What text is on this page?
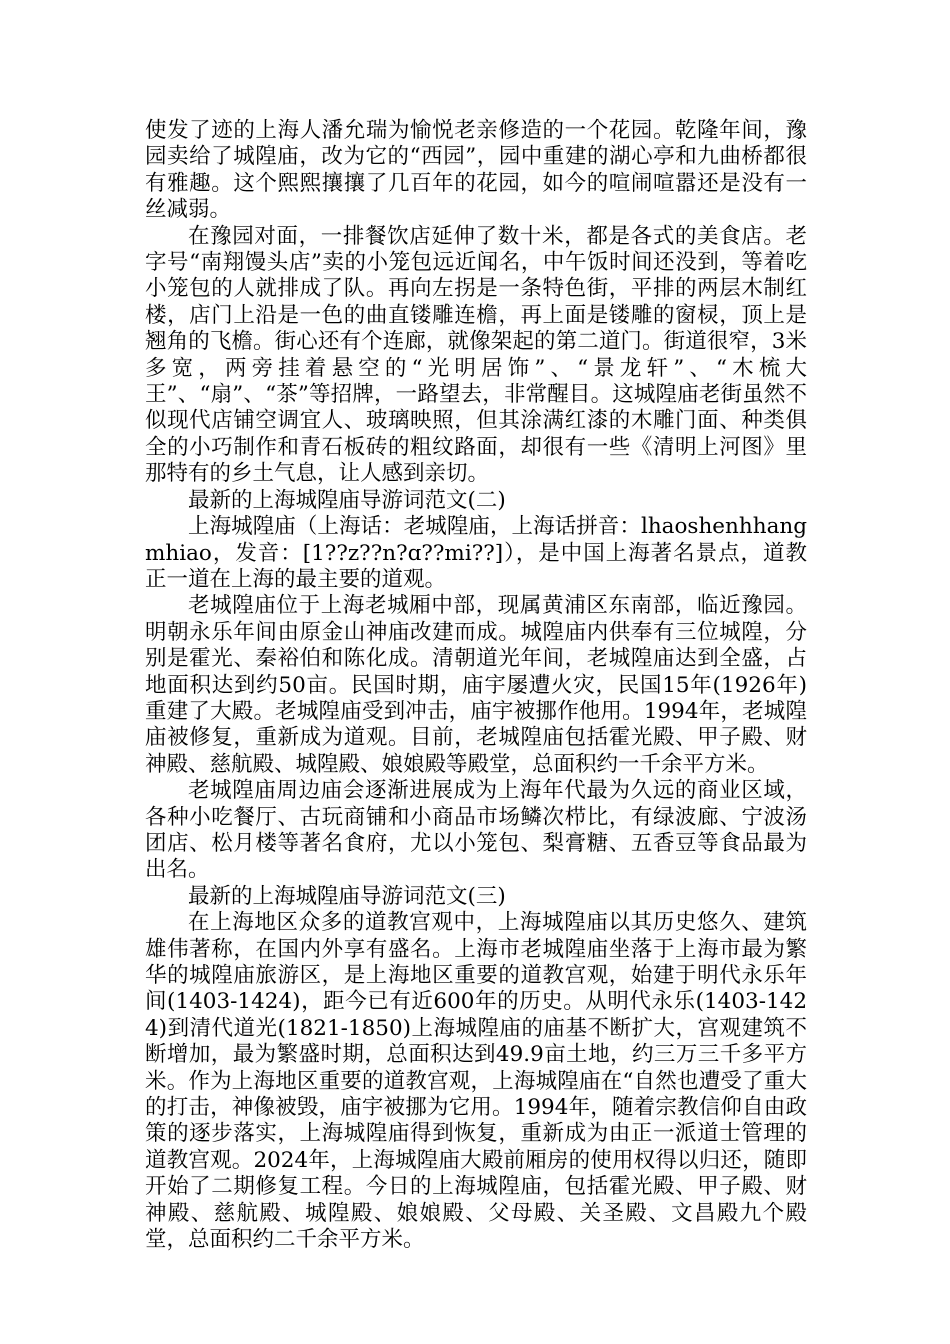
使发了迹的上海人潘允瑞为愉悦老亲修造的一个花园。乾隆年间，豫园卖给了城隍庙，改为它的“西园”，园中重建的湖心亭和九曲桥都很有雅趣。这个熙熙攘攘了几百年的花园，如今的喧闹喧嚣还是没有一丝减弱。

在豫园对面，一排餐饮店延伸了数十米，都是各式的美食店。老字号“南翔馒头店”卖的小笼包远近闻名，中午饭时间还没到，等着吃小笼包的人就排成了队。再向左拐是一条特色街，平排的两层木制红楼，店门上沿是一色的曲直镂雕连檐，再上面是镂雕的窗棂，顶上是翘角的飞檐。街心还有个连廊，就像架起的第二道门。街道很窄，3米多宽，两旁挂着悬空的“光明居饰”、“景龙轩”、“木梳大王”、“扇”、“茶”等招牌，一路望去，非常醒目。这城隍庙老街虽然不似现代店铺空调宜人、玻璃映照，但其涂满红漆的木雕门面、种类俱全的小巧制作和青石板砖的粗纹路面，却很有一些《清明上河图》里那特有的乡土气息，让人感到亲切。

最新的上海城隍庙导游词范文(二)

上海城隍庙（上海话：老城隍庙，上海话拼音：lhaoshenhhangmhiao，发音：[1??z??n?ɑ??mi??]），是中国上海著名景点，道教正一道在上海的最主要的道观。

老城隍庙位于上海老城厢中部，现属黄浦区东南部，临近豫园。明朝永乐年间由原金山神庙改建而成。城隍庙内供奉有三位城隍，分别是霍光、秦裕伯和陈化成。清朝道光年间，老城隍庙达到全盛，占地面积达到约50亩。民国时期，庙宇屡遭火灾，民国15年(1926年)重建了大殿。老城隍庙受到冲击，庙宇被挪作他用。1994年，老城隍庙被修复，重新成为道观。目前，老城隍庙包括霍光殿、甲子殿、财神殿、慈航殿、城隍殿、娘娘殿等殿堂，总面积约一千余平方米。

老城隍庙周边庙会逐渐进展成为上海年代最为久远的商业区域，各种小吃餐厅、古玩商铺和小商品市场鳞次栉比，有绿波廊、宁波汤团店、松月楼等著名食府，尤以小笼包、梨膏糖、五香豆等食品最为出名。

最新的上海城隍庙导游词范文(三)

在上海地区众多的道教宫观中，上海城隍庙以其历史悠久、建筑雄伟著称，在国内外享有盛名。上海市老城隍庙坐落于上海市最为繁华的城隍庙旅游区，是上海地区重要的道教宫观，始建于明代永乐年间(1403-1424)，距今已有近600年的历史。从明代永乐(1403-1424)到清代道光(1821-1850)上海城隍庙的庙基不断扩大，宫观建筑不断增加，最为繁盛时期，总面积达到49.9亩土地，约三万三千多平方米。作为上海地区重要的道教宫观，上海城隍庙在“自然也遭受了重大的打击，神像被毁，庙宇被挪为它用。1994年，随着宗教信仰自由政策的逐步落实，上海城隍庙得到恢复，重新成为由正一派道士管理的道教宫观。2024年，上海城隍庙大殿前厢房的使用权得以归还，随即开始了二期修复工程。今日的上海城隍庙，包括霍光殿、甲子殿、财神殿、慈航殿、城隍殿、娘娘殿、父母殿、关圣殿、文昌殿九个殿堂，总面积约二千余平方米。
